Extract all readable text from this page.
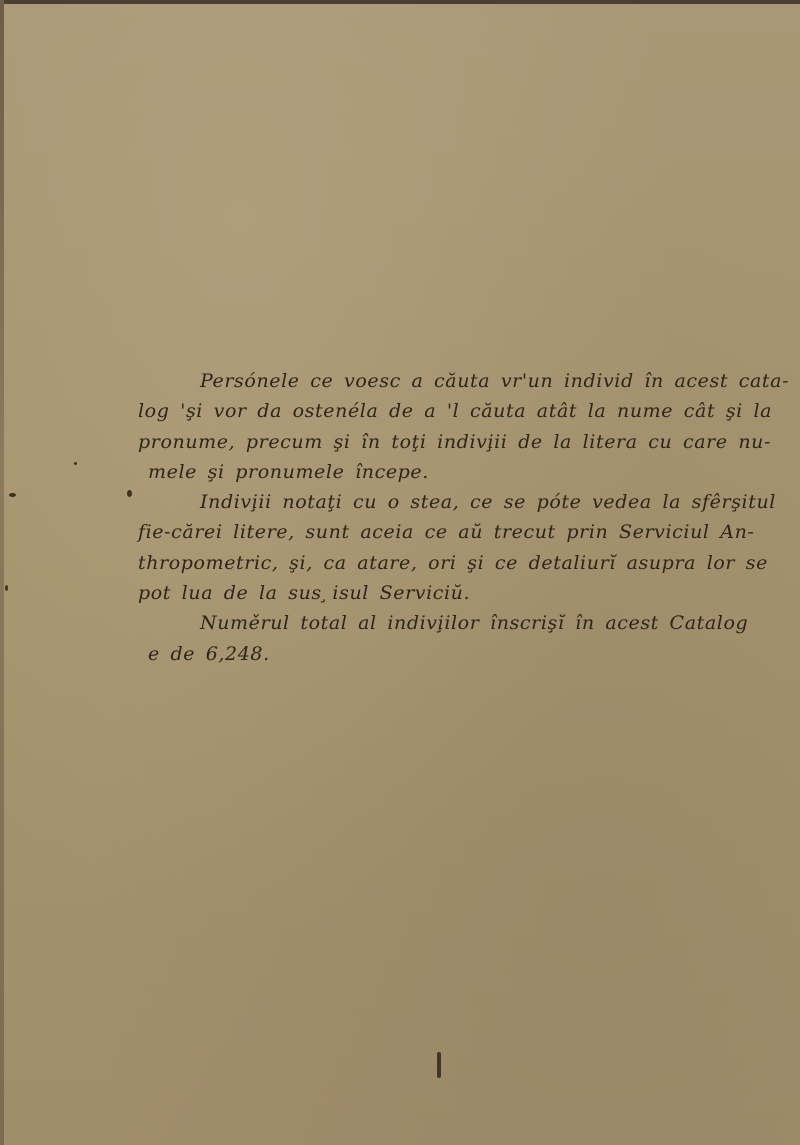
Persónele ce voesc a căuta vr'un individ în acest cata-
log 'şi vor da ostenéla de a 'l căuta atât la nume cât şi la
pronume, precum şi în toţi indivi̧ii de la litera cu care nu-
mele şi pronumele începe.
Indivi̧ii notaţi cu o stea, ce se póte vedea la sfêrşitul
fie-cărei litere, sunt aceia ce aŭ trecut prin Serviciul An-
thropometric, şi, ca atare, ori şi ce detaliurĭ asupra lor se
pot lua de la sus ̧isul Serviciŭ.
Numěrul total al indivi̧ilor înscrişĭ în acest Catalog
e de 6,248.
